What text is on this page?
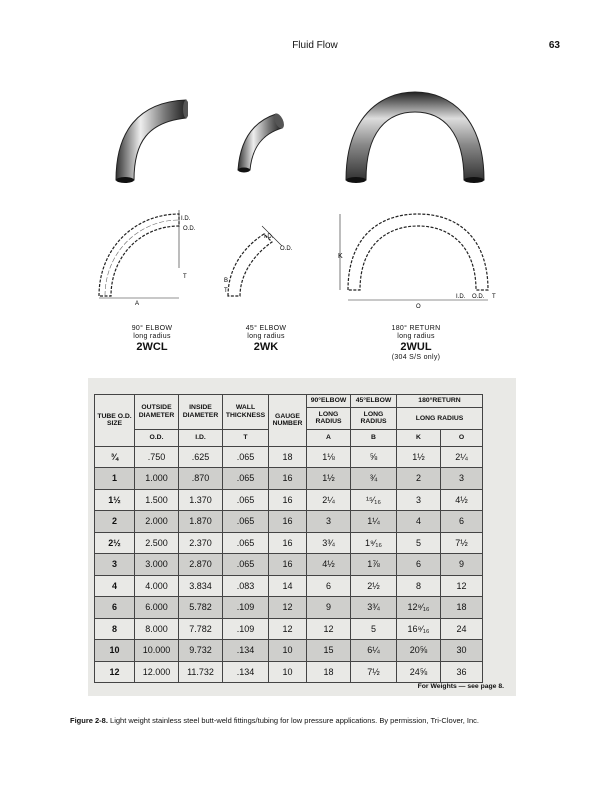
Fluid Flow	63
I.D.
O.D.
T
A
I.D.
O.D.
B
T
K
O
I.D. O.D. T
90° ELBOW
long radius
2WCL
45° ELBOW
long radius
2WK
180° RETURN
long radius
2WUL
(304 S/S only)
TUBE O.D. SIZE	OUTSIDE DIAMETER	INSIDE DIAMETER	WALL THICKNESS	GAUGE NUMBER	90°ELBOW	45°ELBOW	180°RETURN	
					LONG RADIUS	LONG RADIUS	LONG RADIUS	
	O.D.	I.D.	T		A	B	K	O
¾	.750	.625	.065	18	1⅛	⅝	1½	2¼
1	1.000	.870	.065	16	1½	¾	2	3
1½	1.500	1.370	.065	16	2¼	¹⁵⁄₁₆	3	4½
2	2.000	1.870	.065	16	3	1¼	4	6
2½	2.500	2.370	.065	16	3¾	1⁹⁄₁₆	5	7½
3	3.000	2.870	.065	16	4½	1⅞	6	9
4	4.000	3.834	.083	14	6	2½	8	12
6	6.000	5.782	.109	12	9	3¾	12⁹⁄₁₆	18
8	8.000	7.782	.109	12	12	5	16⁹⁄₁₆	24
10	10.000	9.732	.134	10	15	6¼	20⅝	30
12	12.000	11.732	.134	10	18	7½	24⅝	36
For Weights — see page 8.
Figure 2-8. Light weight stainless steel butt-weld fittings/tubing for low pressure applications. By permission, Tri-Clover, Inc.
